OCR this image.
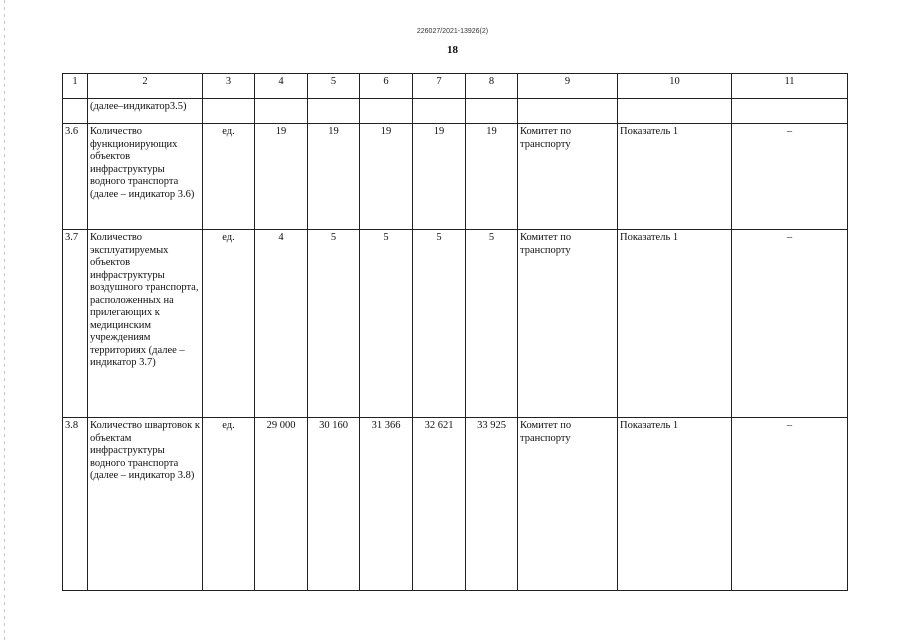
226027/2021-13926(2)
18
1	2	3	4	5	6	7	8	9	10	11
	(далее–индикатор3.5)									
3.6	Количество функционирующих объектов инфраструктуры водного транспорта (далее – индикатор 3.6)	ед.	19	19	19	19	19	Комитет по транспорту	Показатель 1	–
3.7	Количество эксплуатируемых объектов инфраструктуры воздушного транспорта, расположенных на прилегающих к медицинским учреждениям территориях (далее – индикатор 3.7)	ед.	4	5	5	5	5	Комитет по транспорту	Показатель 1	–
3.8	Количество швартовок к объектам инфраструктуры водного транспорта (далее – индикатор 3.8)	ед.	29 000	30 160	31 366	32 621	33 925	Комитет по транспорту	Показатель 1	–
